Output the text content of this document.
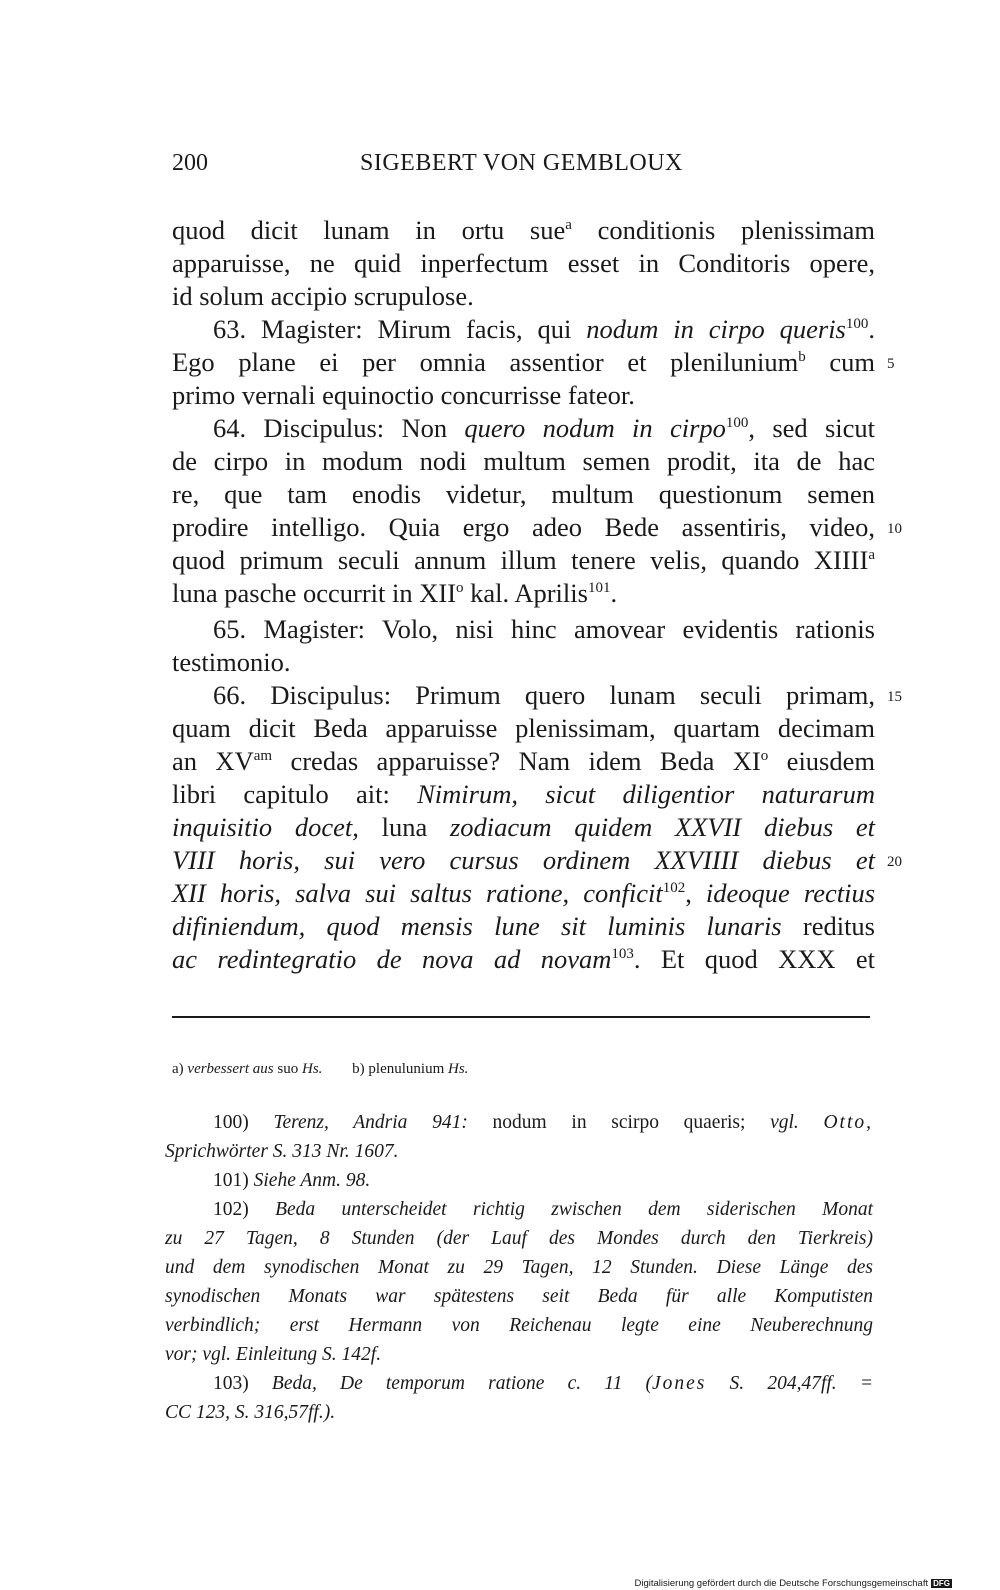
200	SIGEBERT VON GEMBLOUX
quod dicit lunam in ortu sue$^a$ conditionis plenissimam
apparuisse, ne quid inperfectum esset in Conditoris opere,
id solum accipio scrupulose.
63. Magister: Mirum facis, qui nodum in cirpo queris$^{100}$.
Ego plane ei per omnia assentior et plenilunium$^b$ cum
primo vernali equinoctio concurrisse fateor.
64. Discipulus: Non quero nodum in cirpo$^{100}$, sed sicut
de cirpo in modum nodi multum semen prodit, ita de hac
re, que tam enodis videtur, multum questionum semen
prodire intelligo. Quia ergo adeo Bede assentiris, video,
quod primum seculi annum illum tenere velis, quando XIIII$^a$
luna pasche occurrit in XII$^o$ kal. Aprilis$^{101}$.
65. Magister: Volo, nisi hinc amovear evidentis rationis
testimonio.
66. Discipulus: Primum quero lunam seculi primam,
quam dicit Beda apparuisse plenissimam, quartam decimam
an $XV^{am}$ credas apparuisse? Nam idem Beda $XI^o$ eiusdem
libri capitulo ait: Nimirum, sicut diligentior naturarum
inquisitio docet, luna zodiacum quidem XXVII diebus et
VIII horis, sui vero cursus ordinem XXVIIII diebus et
XII horis, salva sui saltus ratione, conficit$^{102}$, ideoque rectius
difiniendum, quod mensis lune sit luminis lunaris reditus
ac redintegratio de nova ad novam$^{103}$. Et quod XXX et
5
10
15
20
a) verbessert aus suo Hs. b) plenulunium Hs.
100) Terenz, Andria 941: nodum in scirpo quaeris; vgl. Otto,
Sprichwörter S. 313 Nr. 1607.
101) Siehe Anm. 98.
102) Beda unterscheidet richtig zwischen dem siderischen Monat
zu 27 Tagen, 8 Stunden (der Lauf des Mondes durch den Tierkreis)
und dem synodischen Monat zu 29 Tagen, 12 Stunden. Diese Länge des
synodischen Monats war spätestens seit Beda für alle Komputisten
verbindlich; erst Hermann von Reichenau legte eine Neuberechnung
vor; vgl. Einleitung S. 142f.
103) Beda, De temporum ratione c. 11 (Jones S. 204,47ff. =
CC 123, S. 316,57ff.).
Digitalisierung gefördert durch die Deutsche Forschungsgemeinschaft DFG
